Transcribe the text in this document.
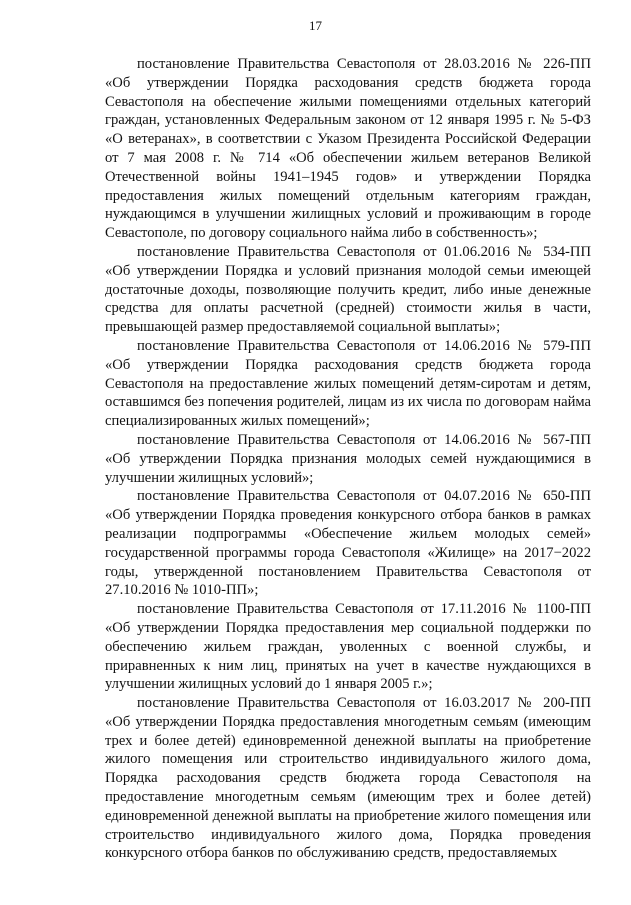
17

постановление Правительства Севастополя от 28.03.2016 № 226-ПП «Об утверждении Порядка расходования средств бюджета города Севастополя на обеспечение жилыми помещениями отдельных категорий граждан, установленных Федеральным законом от 12 января 1995 г. № 5-ФЗ «О ветеранах», в соответствии с Указом Президента Российской Федерации от 7 мая 2008 г. № 714 «Об обеспечении жильем ветеранов Великой Отечественной войны 1941–1945 годов» и утверждении Порядка предоставления жилых помещений отдельным категориям граждан, нуждающимся в улучшении жилищных условий и проживающим в городе Севастополе, по договору социального найма либо в собственность»;

постановление Правительства Севастополя от 01.06.2016 № 534-ПП «Об утверждении Порядка и условий признания молодой семьи имеющей достаточные доходы, позволяющие получить кредит, либо иные денежные средства для оплаты расчетной (средней) стоимости жилья в части, превышающей размер предоставляемой социальной выплаты»;

постановление Правительства Севастополя от 14.06.2016 № 579-ПП «Об утверждении Порядка расходования средств бюджета города Севастополя на предоставление жилых помещений детям-сиротам и детям, оставшимся без попечения родителей, лицам из их числа по договорам найма специализированных жилых помещений»;

постановление Правительства Севастополя от 14.06.2016 № 567-ПП «Об утверждении Порядка признания молодых семей нуждающимися в улучшении жилищных условий»;

постановление Правительства Севастополя от 04.07.2016 № 650-ПП «Об утверждении Порядка проведения конкурсного отбора банков в рамках реализации подпрограммы «Обеспечение жильем молодых семей» государственной программы города Севастополя «Жилище» на 2017−2022 годы, утвержденной постановлением Правительства Севастополя от 27.10.2016 № 1010-ПП»;

постановление Правительства Севастополя от 17.11.2016 № 1100-ПП «Об утверждении Порядка предоставления мер социальной поддержки по обеспечению жильем граждан, уволенных с военной службы, и приравненных к ним лиц, принятых на учет в качестве нуждающихся в улучшении жилищных условий до 1 января 2005 г.»;

постановление Правительства Севастополя от 16.03.2017 № 200-ПП «Об утверждении Порядка предоставления многодетным семьям (имеющим трех и более детей) единовременной денежной выплаты на приобретение жилого помещения или строительство индивидуального жилого дома, Порядка расходования средств бюджета города Севастополя на предоставление многодетным семьям (имеющим трех и более детей) единовременной денежной выплаты на приобретение жилого помещения или строительство индивидуального жилого дома, Порядка проведения конкурсного отбора банков по обслуживанию средств, предоставляемых
